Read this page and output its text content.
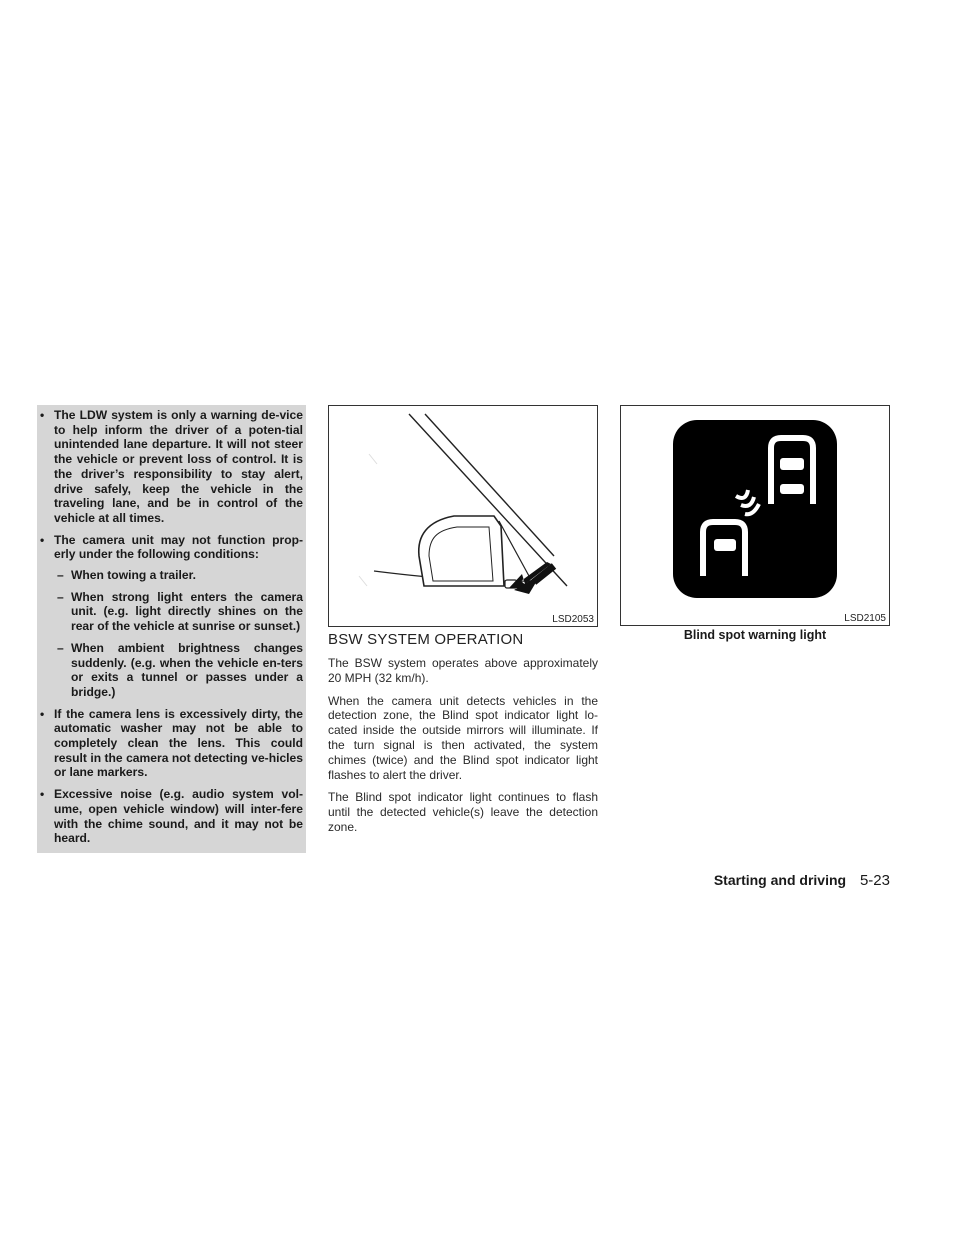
• The LDW system is only a warning de-vice to help inform the driver of a poten-tial unintended lane departure. It will not steer the vehicle or prevent loss of control. It is the driver’s responsibility to stay alert, drive safely, keep the vehicle in the traveling lane, and be in control of the vehicle at all times.
• The camera unit may not function prop-erly under the following conditions:
– When towing a trailer.
– When strong light enters the camera unit. (e.g. light directly shines on the rear of the vehicle at sunrise or sunset.)
– When ambient brightness changes suddenly. (e.g. when the vehicle en-ters or exits a tunnel or passes under a bridge.)
• If the camera lens is excessively dirty, the automatic washer may not be able to completely clean the lens. This could result in the camera not detecting ve-hicles or lane markers.
• Excessive noise (e.g. audio system vol-ume, open vehicle window) will inter-fere with the chime sound, and it may not be heard.
LSD2053	LSD2105
Blind spot warning light
BSW SYSTEM OPERATION

The BSW system operates above approximately 20 MPH (32 km/h).

When the camera unit detects vehicles in the detection zone, the Blind spot indicator light lo-cated inside the outside mirrors will illuminate. If the turn signal is then activated, the system chimes (twice) and the Blind spot indicator light flashes to alert the driver.

The Blind spot indicator light continues to flash until the detected vehicle(s) leave the detection zone.

Starting and driving 5-23
